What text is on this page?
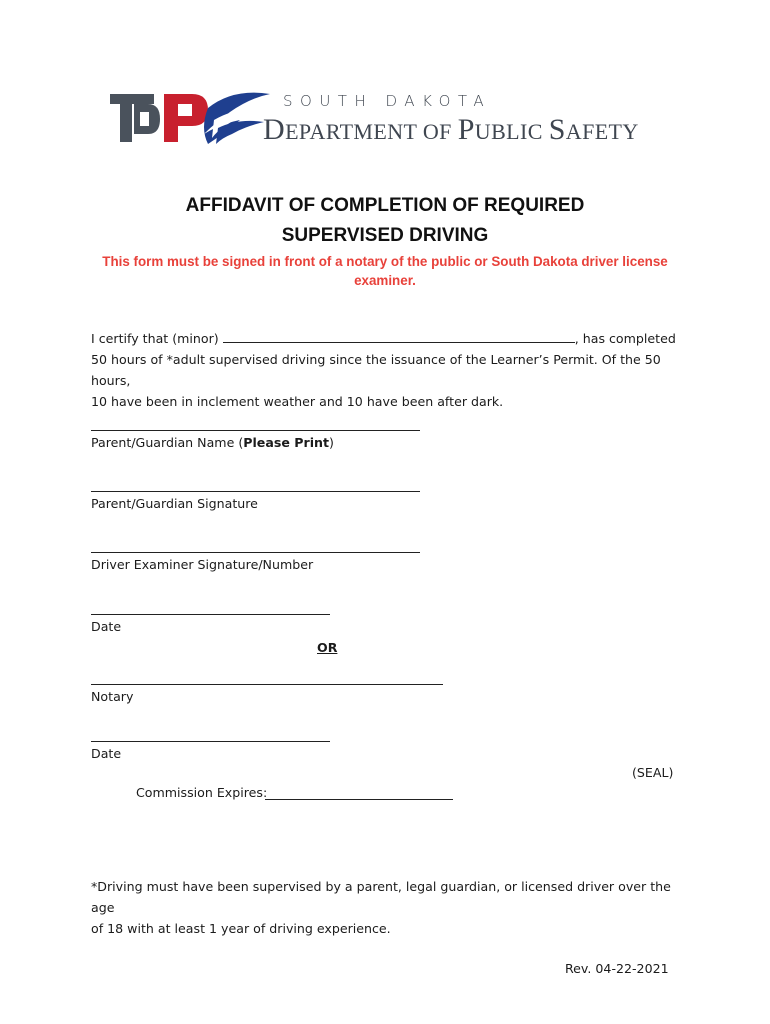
SOUTH DAKOTA
DEPARTMENT OF PUBLIC SAFETY
AFFIDAVIT OF COMPLETION OF REQUIRED
SUPERVISED DRIVING
This form must be signed in front of a notary of the public or South Dakota driver license
examiner.
I certify that (minor)	, has completed
50 hours of *adult supervised driving since the issuance of the Learner’s Permit. Of the 50 hours,
10 have been in inclement weather and 10 have been after dark.
Parent/Guardian Name (Please Print)
Parent/Guardian Signature
Driver Examiner Signature/Number
Date
OR
Notary
Date
(SEAL)
Commission Expires:
*Driving must have been supervised by a parent, legal guardian, or licensed driver over the age
of 18 with at least 1 year of driving experience.
Rev. 04-22-2021
